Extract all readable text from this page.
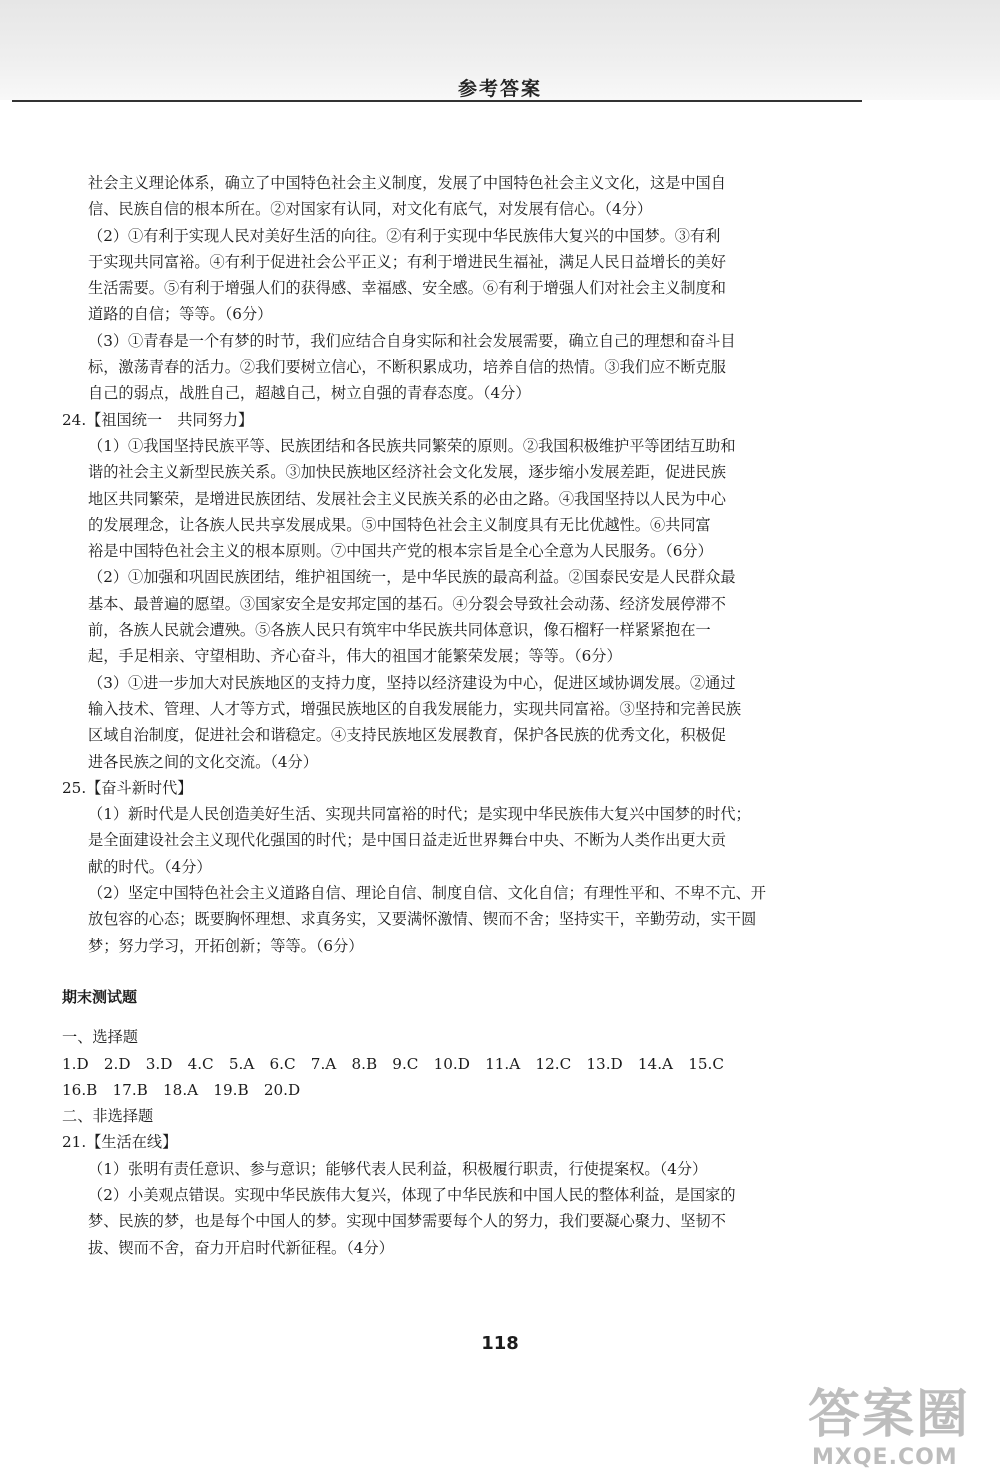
参考答案
社会主义理论体系，确立了中国特色社会主义制度，发展了中国特色社会主义文化，这是中国自
信、民族自信的根本所在。②对国家有认同，对文化有底气，对发展有信心。（4分）
（2）①有利于实现人民对美好生活的向往。②有利于实现中华民族伟大复兴的中国梦。③有利
于实现共同富裕。④有利于促进社会公平正义；有利于增进民生福祉，满足人民日益增长的美好
生活需要。⑤有利于增强人们的获得感、幸福感、安全感。⑥有利于增强人们对社会主义制度和
道路的自信；等等。（6分）
（3）①青春是一个有梦的时节，我们应结合自身实际和社会发展需要，确立自己的理想和奋斗目
标，激荡青春的活力。②我们要树立信心，不断积累成功，培养自信的热情。③我们应不断克服
自己的弱点，战胜自己，超越自己，树立自强的青春态度。（4分）
24.【祖国统一　共同努力】
（1）①我国坚持民族平等、民族团结和各民族共同繁荣的原则。②我国积极维护平等团结互助和
谐的社会主义新型民族关系。③加快民族地区经济社会文化发展，逐步缩小发展差距，促进民族
地区共同繁荣，是增进民族团结、发展社会主义民族关系的必由之路。④我国坚持以人民为中心
的发展理念，让各族人民共享发展成果。⑤中国特色社会主义制度具有无比优越性。⑥共同富
裕是中国特色社会主义的根本原则。⑦中国共产党的根本宗旨是全心全意为人民服务。（6分）
（2）①加强和巩固民族团结，维护祖国统一，是中华民族的最高利益。②国泰民安是人民群众最
基本、最普遍的愿望。③国家安全是安邦定国的基石。④分裂会导致社会动荡、经济发展停滞不
前，各族人民就会遭殃。⑤各族人民只有筑牢中华民族共同体意识，像石榴籽一样紧紧抱在一
起，手足相亲、守望相助、齐心奋斗，伟大的祖国才能繁荣发展；等等。（6分）
（3）①进一步加大对民族地区的支持力度，坚持以经济建设为中心，促进区域协调发展。②通过
输入技术、管理、人才等方式，增强民族地区的自我发展能力，实现共同富裕。③坚持和完善民族
区域自治制度，促进社会和谐稳定。④支持民族地区发展教育，保护各民族的优秀文化，积极促
进各民族之间的文化交流。（4分）
25.【奋斗新时代】
（1）新时代是人民创造美好生活、实现共同富裕的时代；是实现中华民族伟大复兴中国梦的时代；
是全面建设社会主义现代化强国的时代；是中国日益走近世界舞台中央、不断为人类作出更大贡
献的时代。（4分）
（2）坚定中国特色社会主义道路自信、理论自信、制度自信、文化自信；有理性平和、不卑不亢、开
放包容的心态；既要胸怀理想、求真务实，又要满怀激情、锲而不舍；坚持实干，辛勤劳动，实干圆
梦；努力学习，开拓创新；等等。（6分）
期末测试题
一、选择题
1.D　2.D　3.D　4.C　5.A　6.C　7.A　8.B　9.C　10.D　11.A　12.C　13.D　14.A　15.C
16.B　17.B　18.A　19.B　20.D
二、非选择题
21.【生活在线】
（1）张明有责任意识、参与意识；能够代表人民利益，积极履行职责，行使提案权。（4分）
（2）小美观点错误。实现中华民族伟大复兴，体现了中华民族和中国人民的整体利益，是国家的
梦、民族的梦，也是每个中国人的梦。实现中国梦需要每个人的努力，我们要凝心聚力、坚韧不
拔、锲而不舍，奋力开启时代新征程。（4分）
118
答案圈
MXQE.COM
